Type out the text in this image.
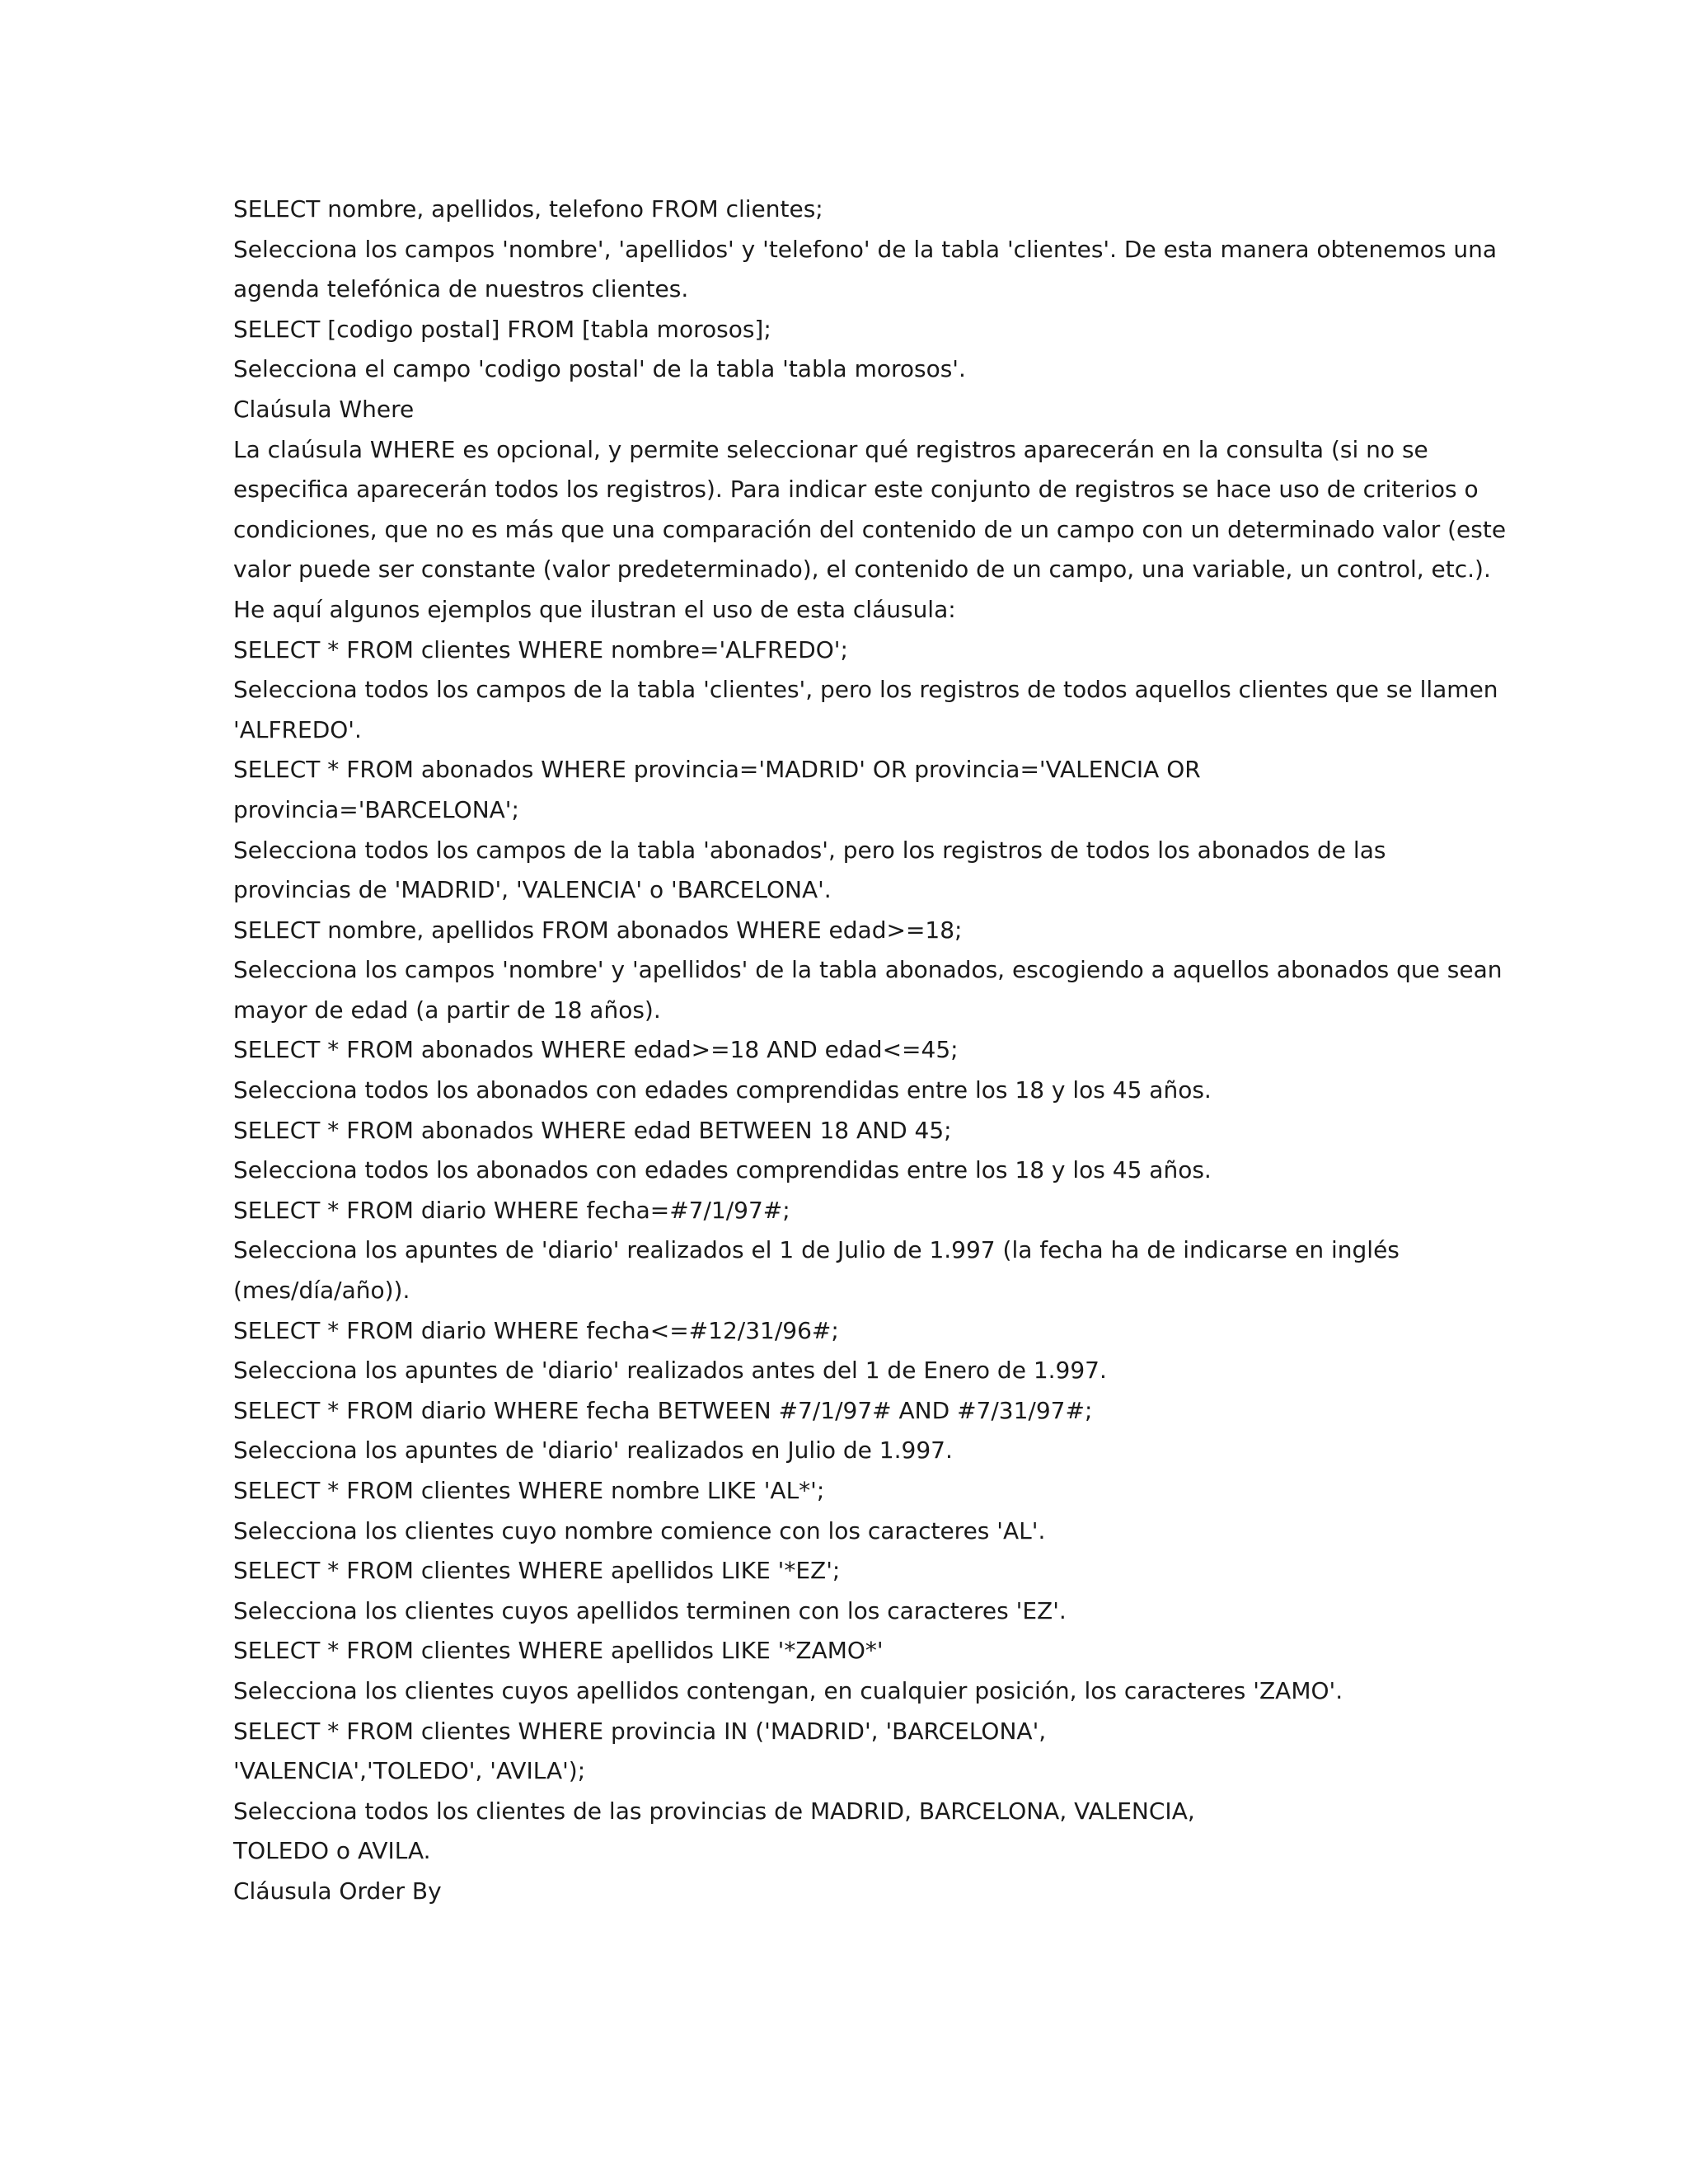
SELECT nombre, apellidos, telefono FROM clientes;

Selecciona los campos 'nombre', 'apellidos' y 'telefono' de la tabla 'clientes'. De esta manera obtenemos una

agenda telefónica de nuestros clientes.

SELECT [codigo postal] FROM [tabla morosos];

Selecciona el campo 'codigo postal' de la tabla 'tabla morosos'.

Claúsula Where

La claúsula WHERE es opcional, y permite seleccionar qué registros aparecerán en la consulta (si no se

especifica aparecerán todos los registros). Para indicar este conjunto de registros se hace uso de criterios o

condiciones, que no es más que una comparación del contenido de un campo con un determinado valor (este

valor puede ser constante (valor predeterminado), el contenido de un campo, una variable, un control, etc.).

He aquí algunos ejemplos que ilustran el uso de esta cláusula:

SELECT * FROM clientes WHERE nombre='ALFREDO';

Selecciona todos los campos de la tabla 'clientes', pero los registros de todos aquellos clientes que se llamen

'ALFREDO'.

SELECT * FROM abonados WHERE provincia='MADRID' OR provincia='VALENCIA OR

provincia='BARCELONA';

Selecciona todos los campos de la tabla 'abonados', pero los registros de todos los abonados de las

provincias de 'MADRID', 'VALENCIA' o 'BARCELONA'.

SELECT nombre, apellidos FROM abonados WHERE edad>=18;

Selecciona los campos 'nombre' y 'apellidos' de la tabla abonados, escogiendo a aquellos abonados que sean

mayor de edad (a partir de 18 años).

SELECT * FROM abonados WHERE edad>=18 AND edad<=45;

Selecciona todos los abonados con edades comprendidas entre los 18 y los 45 años.

SELECT * FROM abonados WHERE edad BETWEEN 18 AND 45;

Selecciona todos los abonados con edades comprendidas entre los 18 y los 45 años.

SELECT * FROM diario WHERE fecha=#7/1/97#;

Selecciona los apuntes de 'diario' realizados el 1 de Julio de 1.997 (la fecha ha de indicarse en inglés

(mes/día/año)).

SELECT * FROM diario WHERE fecha<=#12/31/96#;

Selecciona los apuntes de 'diario' realizados antes del 1 de Enero de 1.997.

SELECT * FROM diario WHERE fecha BETWEEN #7/1/97# AND #7/31/97#;

Selecciona los apuntes de 'diario' realizados en Julio de 1.997.

SELECT * FROM clientes WHERE nombre LIKE 'AL*';

Selecciona los clientes cuyo nombre comience con los caracteres 'AL'.

SELECT * FROM clientes WHERE apellidos LIKE '*EZ';

Selecciona los clientes cuyos apellidos terminen con los caracteres 'EZ'.

SELECT * FROM clientes WHERE apellidos LIKE '*ZAMO*'

Selecciona los clientes cuyos apellidos contengan, en cualquier posición, los caracteres 'ZAMO'.

SELECT * FROM clientes WHERE provincia IN ('MADRID', 'BARCELONA',

'VALENCIA','TOLEDO', 'AVILA');

Selecciona todos los clientes de las provincias de MADRID, BARCELONA, VALENCIA,

TOLEDO o AVILA.

Cláusula Order By
